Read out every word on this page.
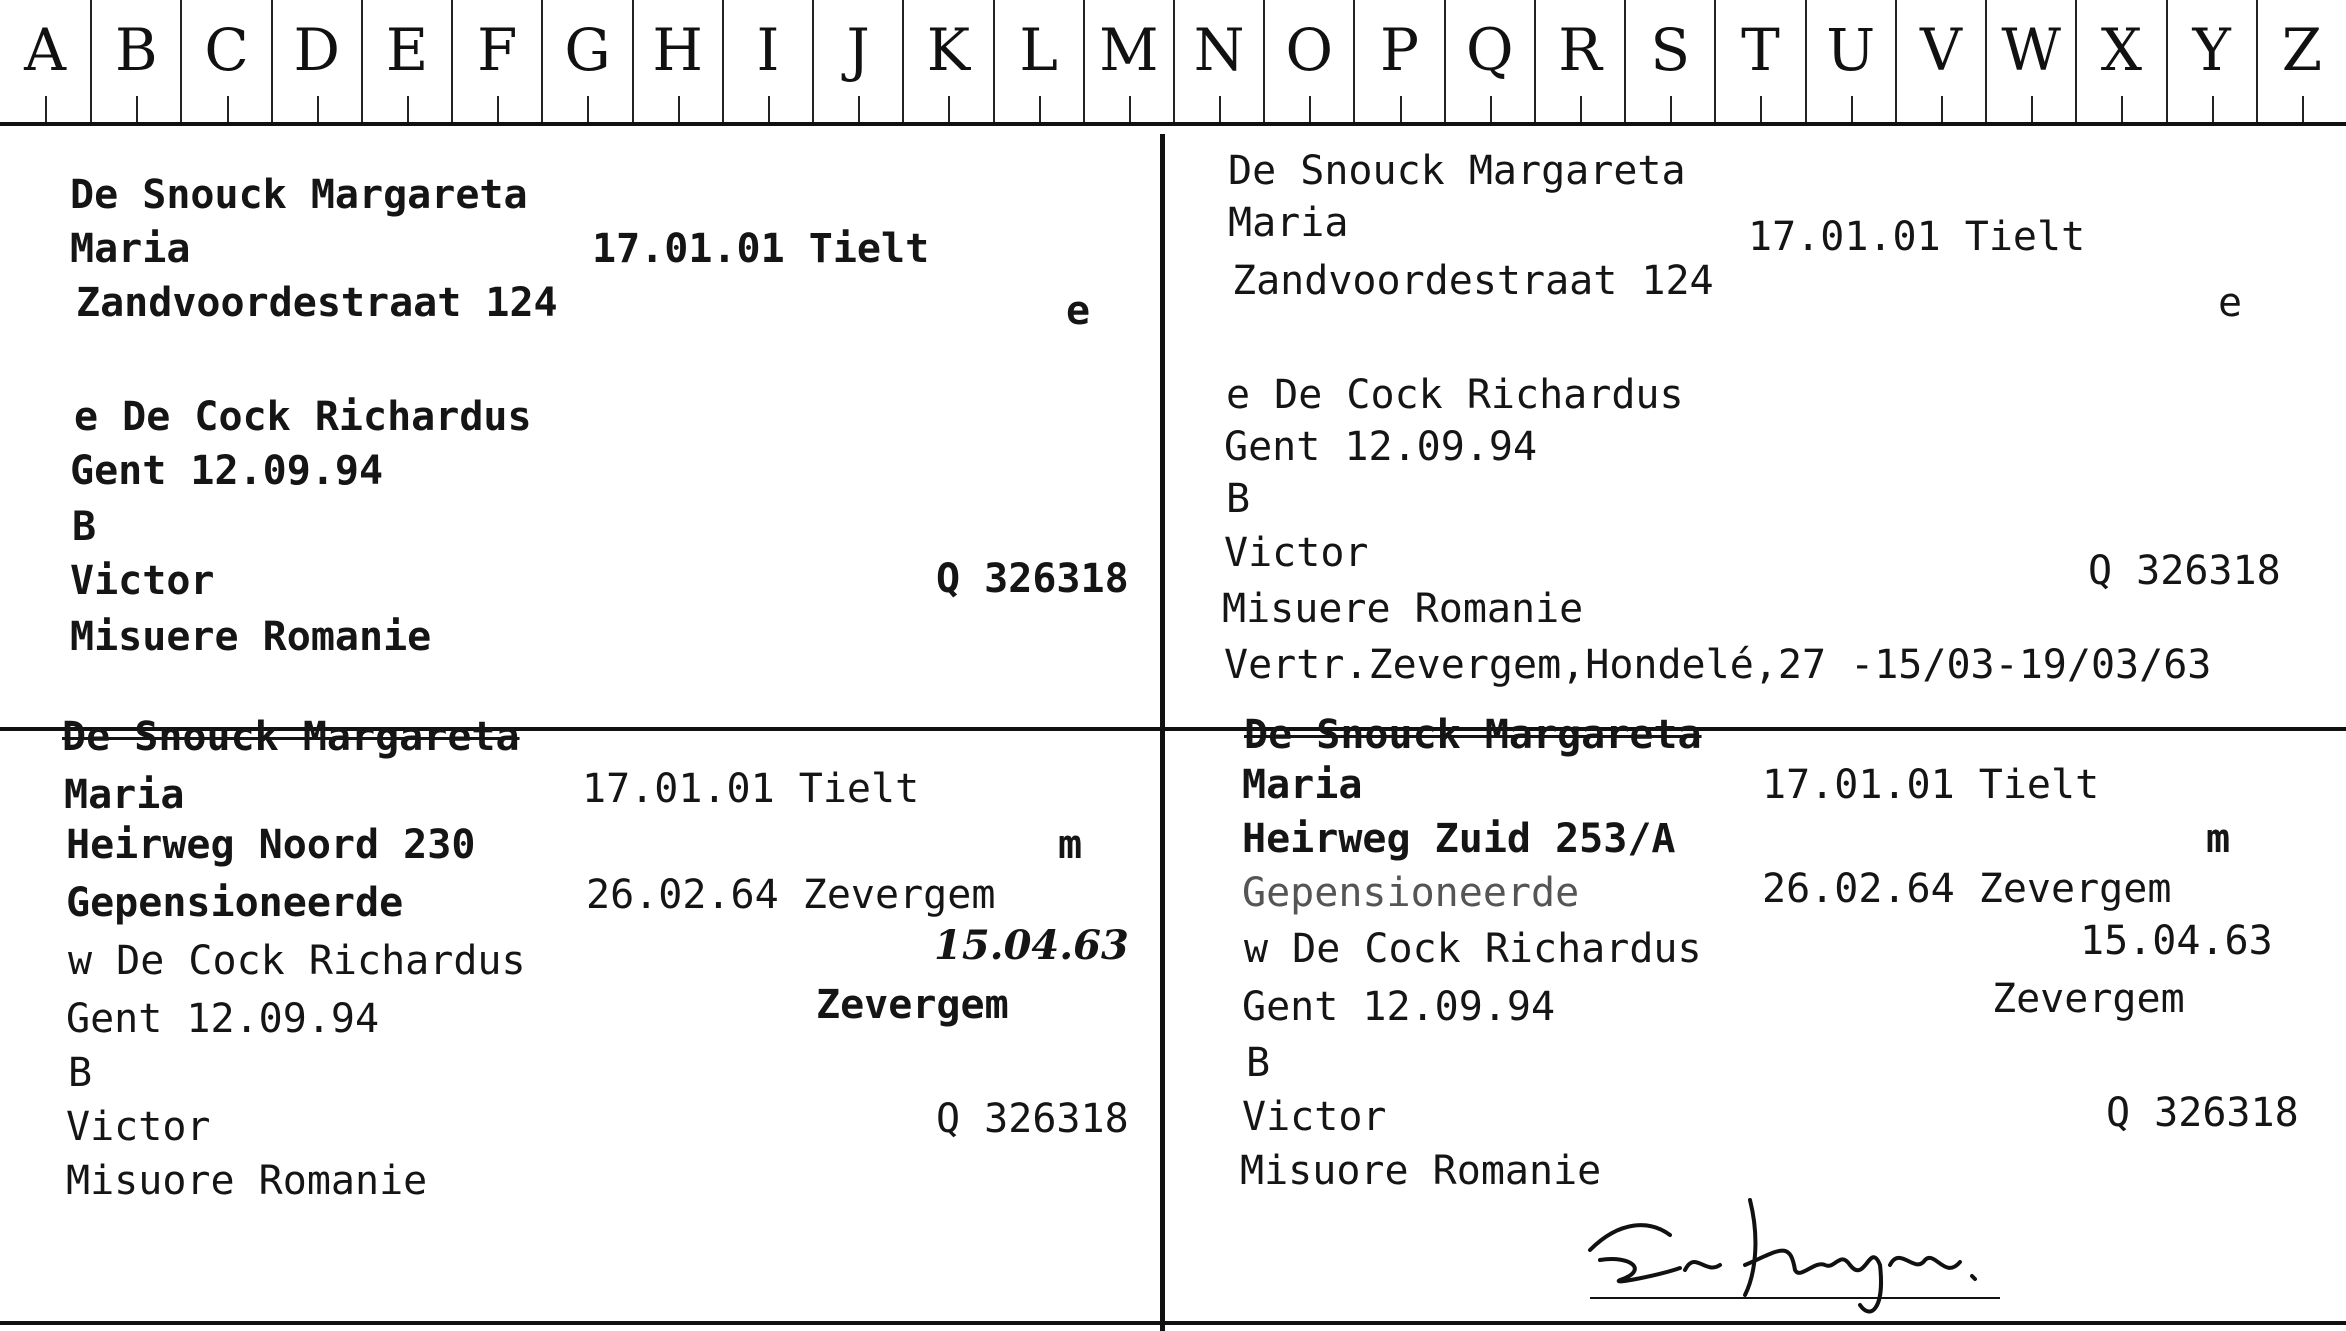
A B C D E F G H I	J K L M N O P Q R S T U V W X Y Z
De Snouck Margareta
Maria	17.01.01 Tielt
Zandvoordestraat 124	e
e De Cock Richardus
Gent 12.09.94
B
Victor	Q 326318
Misuere Romanie
De Snouck Margareta
Maria	17.01.01 Tielt
Zandvoordestraat 124	e
e De Cock Richardus
Gent 12.09.94
B
Victor	Q 326318
Misuere Romanie
Vertr.Zevergem,Hondelé,27 -15/03-19/03/63
De Snouck Margareta
Maria	17.01.01 Tielt
Heirweg Noord 230	m
Gepensioneerde	26.02.64 Zevergem
w De Cock Richardus	15.04.63
Gent 12.09.94	Zevergem
B
Victor	Q 326318
Misuore Romanie
De Snouck Margareta
Maria	17.01.01 Tielt
Heirweg Zuid 253/A	m
Gepensioneerde	26.02.64 Zevergem
w De Cock Richardus	15.04.63
Gent 12.09.94	Zevergem
B
Victor	Q 326318
Misuore Romanie
